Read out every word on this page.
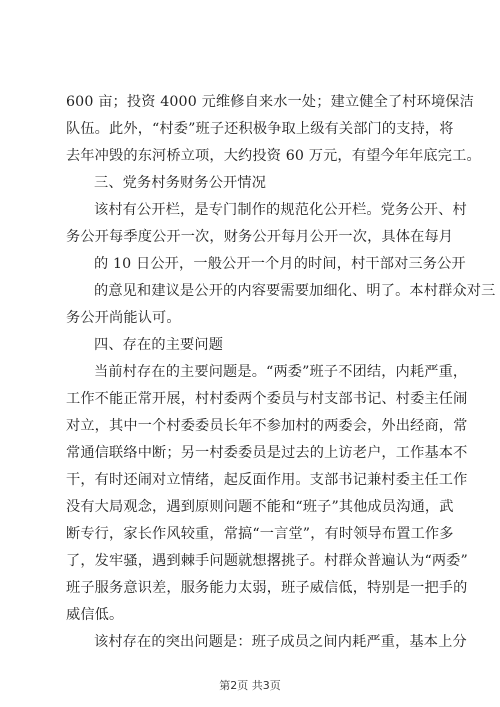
600 亩；投资 4000 元维修自来水一处；建立健全了村环境保洁
队伍。此外，“村委”班子还积极争取上级有关部门的支持，将
去年冲毁的东河桥立项，大约投资 60 万元，有望今年年底完工。
三、党务村务财务公开情况
该村有公开栏，是专门制作的规范化公开栏。党务公开、村
务公开每季度公开一次，财务公开每月公开一次，具体在每月
的 10 日公开，一般公开一个月的时间，村干部对三务公开
的意见和建议是公开的内容要需要加细化、明了。本村群众对三
务公开尚能认可。
四、存在的主要问题
当前村存在的主要问题是。“两委”班子不团结，内耗严重，
工作不能正常开展，村村委两个委员与村支部书记、村委主任闹
对立，其中一个村委委员长年不参加村的两委会，外出经商，常
常通信联络中断；另一村委委员是过去的上访老户，工作基本不
干，有时还闹对立情绪，起反面作用。支部书记兼村委主任工作
没有大局观念，遇到原则问题不能和“班子”其他成员沟通，武
断专行，家长作风较重，常搞“一言堂”，有时领导布置工作多
了，发牢骚，遇到棘手问题就想撂挑子。村群众普遍认为“两委”
班子服务意识差，服务能力太弱，班子威信低，特别是一把手的
威信低。
该村存在的突出问题是：班子成员之间内耗严重，基本上分
第2页 共3页
